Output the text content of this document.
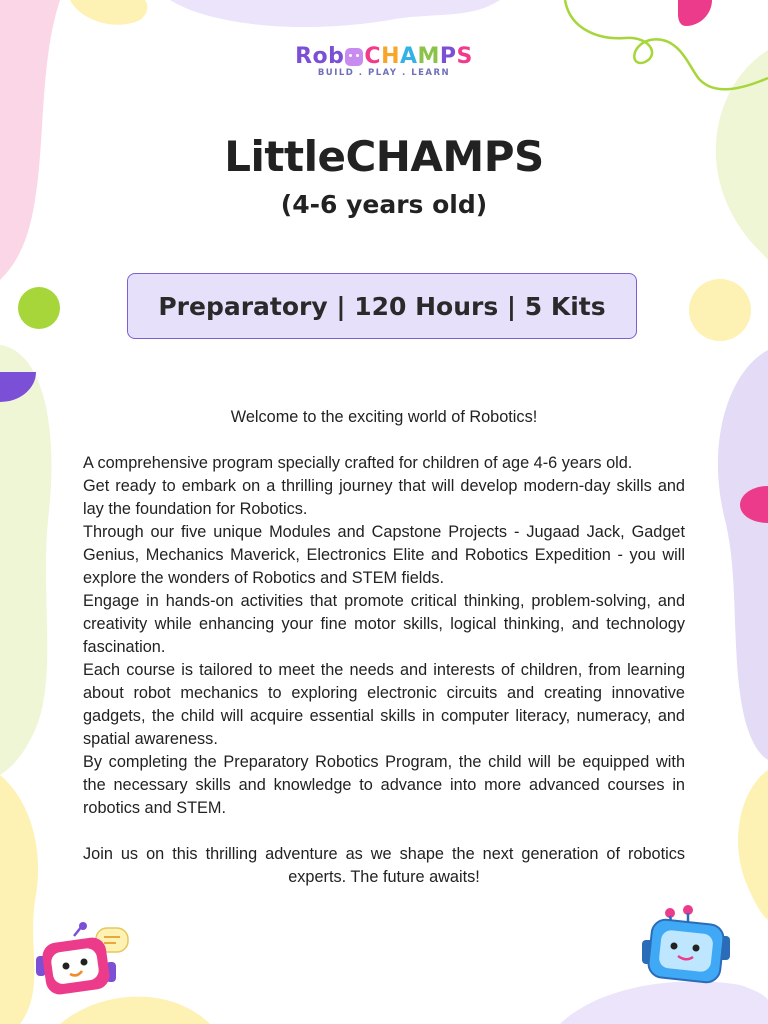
Rob CHAMPS
BUILD . PLAY . LEARN
LittleCHAMPS
(4-6 years old)
Preparatory | 120 Hours | 5 Kits

Welcome to the exciting world of Robotics!

A comprehensive program specially crafted for children of age 4-6 years old.

Get ready to embark on a thrilling journey that will develop modern-day skills and lay the foundation for Robotics.

Through our five unique Modules and Capstone Projects - Jugaad Jack, Gadget Genius, Mechanics Maverick, Electronics Elite and Robotics Expedition - you will explore the wonders of Robotics and STEM fields.

Engage in hands-on activities that promote critical thinking, problem-solving, and creativity while enhancing your fine motor skills, logical thinking, and technology fascination.

Each course is tailored to meet the needs and interests of children, from learning about robot mechanics to exploring electronic circuits and creating innovative gadgets, the child will acquire essential skills in computer literacy, numeracy, and spatial awareness.

By completing the Preparatory Robotics Program, the child will be equipped with the necessary skills and knowledge to advance into more advanced courses in robotics and STEM.

Join us on this thrilling adventure as we shape the next generation of robotics experts. The future awaits!
